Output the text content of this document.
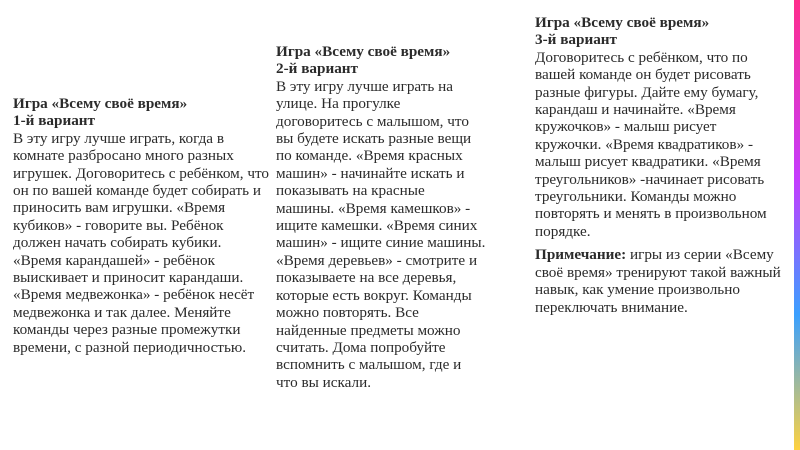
Игра «Всему своё время»
1-й вариант
В эту игру лучше играть, когда в комнате разбросано много разных игрушек. Договоритесь с ребёнком, что он по вашей команде будет собирать и приносить вам игрушки. «Время кубиков» - говорите вы. Ребёнок должен начать собирать кубики. «Время карандашей» - ребёнок выискивает и приносит карандаши. «Время медвежонка» - ребёнок несёт медвежонка и так далее. Меняйте команды через разные промежутки времени, с разной периодичностью.
Игра «Всему своё время»
2-й вариант
В эту игру лучше играть на улице. На прогулке договоритесь с малышом, что вы будете искать разные вещи по команде. «Время красных машин» - начинайте искать и показывать на красные машины. «Время камешков» - ищите камешки. «Время синих машин» - ищите синие машины. «Время деревьев» - смотрите и показываете на все деревья, которые есть вокруг. Команды можно повторять. Все найденные предметы можно считать. Дома попробуйте вспомнить с малышом, где и что вы искали.
Игра «Всему своё время»
3-й вариант
Договоритесь с ребёнком, что по вашей команде он будет рисовать разные фигуры. Дайте ему бумагу, карандаш и начинайте. «Время кружочков» - малыш рисует кружочки. «Время квадратиков» - малыш рисует квадратики. «Время треугольников» -начинает рисовать треугольники. Команды можно повторять и менять в произвольном порядке.
Примечание: игры из серии «Всему своё время» тренируют такой важный навык, как умение произвольно переключать внимание.
